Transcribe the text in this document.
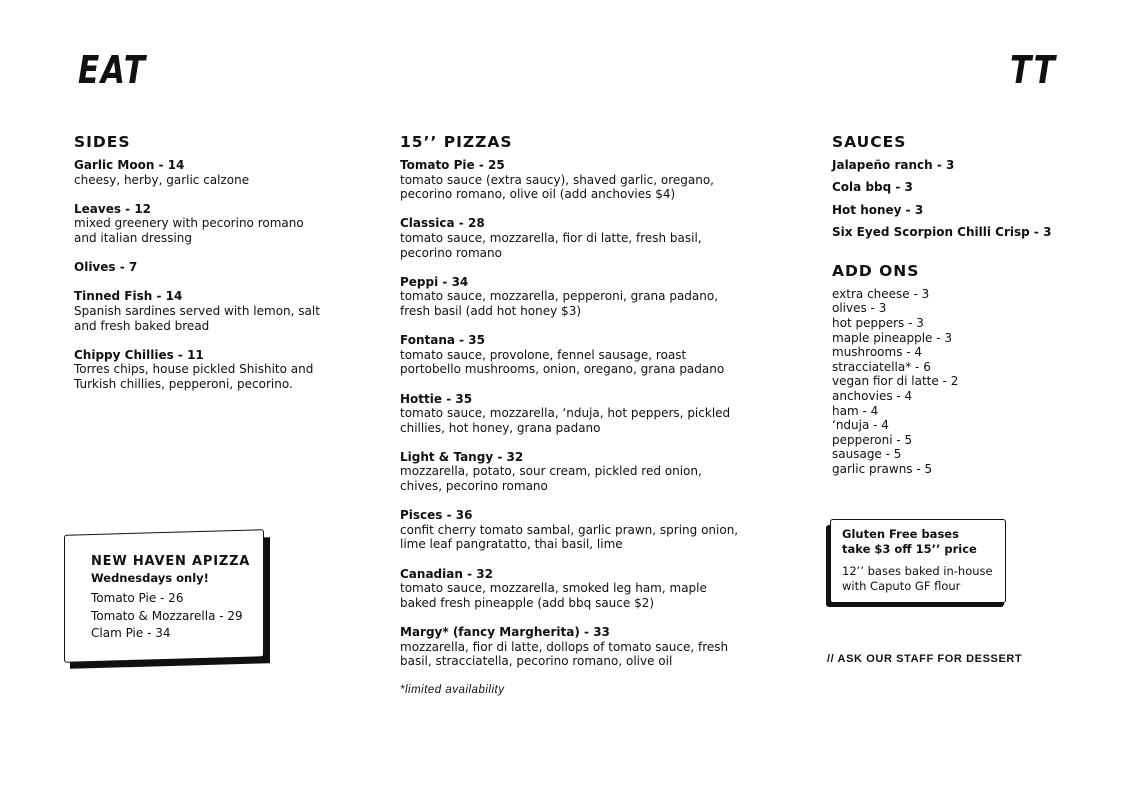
EAT	TT
SIDES
Garlic Moon - 14
cheesy, herby, garlic calzone
Leaves - 12
mixed greenery with pecorino romano and italian dressing
Olives - 7
Tinned Fish - 14
Spanish sardines served with lemon, salt and fresh baked bread
Chippy Chillies - 11
Torres chips, house pickled Shishito and Turkish chillies, pepperoni, pecorino.
15’’ PIZZAS
Tomato Pie - 25
tomato sauce (extra saucy), shaved garlic, oregano, pecorino romano, olive oil (add anchovies $4)
Classica - 28
tomato sauce, mozzarella, fior di latte, fresh basil, pecorino romano
Peppi - 34
tomato sauce, mozzarella, pepperoni, grana padano, fresh basil (add hot honey $3)
Fontana - 35
tomato sauce, provolone, fennel sausage, roast portobello mushrooms, onion, oregano, grana padano
Hottie - 35
tomato sauce, mozzarella, ‘nduja, hot peppers, pickled chillies, hot honey, grana padano
Light & Tangy - 32
mozzarella, potato, sour cream, pickled red onion, chives, pecorino romano
Pisces - 36
confit cherry tomato sambal, garlic prawn, spring onion, lime leaf pangratatto, thai basil, lime
Canadian - 32
tomato sauce, mozzarella, smoked leg ham, maple baked fresh pineapple (add bbq sauce $2)
Margy* (fancy Margherita) - 33
mozzarella, fior di latte, dollops of tomato sauce, fresh basil, stracciatella, pecorino romano, olive oil
*limited availability
SAUCES
Jalapeño ranch - 3
Cola bbq - 3
Hot honey - 3
Six Eyed Scorpion Chilli Crisp - 3
ADD ONS
extra cheese - 3
olives - 3
hot peppers - 3
maple pineapple - 3
mushrooms - 4
stracciatella* - 6
vegan fior di latte - 2
anchovies - 4
ham - 4
‘nduja - 4
pepperoni - 5
sausage - 5
garlic prawns - 5
NEW HAVEN APIZZA
Wednesdays only!
Tomato Pie - 26
Tomato & Mozzarella - 29
Clam Pie - 34
Gluten Free bases
take $3 off 15’’ price
12’’ bases baked in-house
with Caputo GF flour
// ASK OUR STAFF FOR DESSERT
